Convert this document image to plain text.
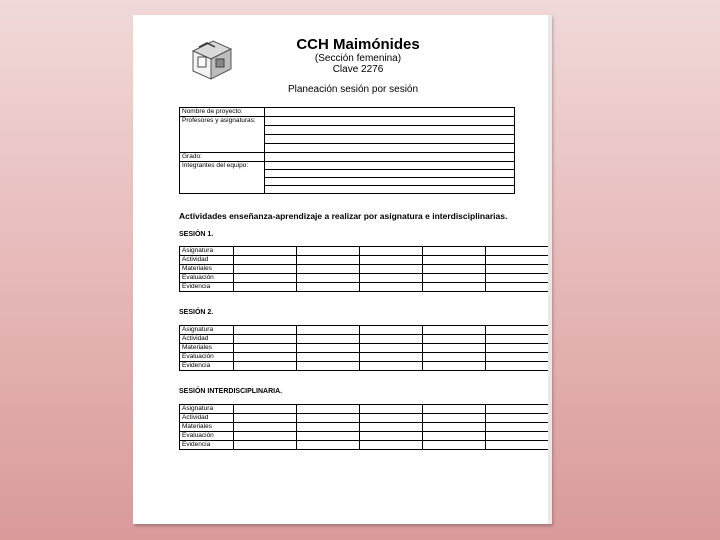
CCH Maimónides
(Sección femenina)
Clave 2276
Planeación sesión por sesión
Nombre de proyecto:	
Profesores y asignaturas:	

Grado:	
Integrantes del equipo:	

Actividades enseñanza-aprendizaje a realizar por asignatura e interdisciplinarias.
SESIÓN 1.
Asignatura					
Actividad					
Materiales					
Evaluación					
Evidencia					
SESIÓN 2.
Asignatura					
Actividad					
Materiales					
Evaluación					
Evidencia					
SESIÓN INTERDISCIPLINARIA.
Asignatura					
Actividad					
Materiales					
Evaluación					
Evidencia					
